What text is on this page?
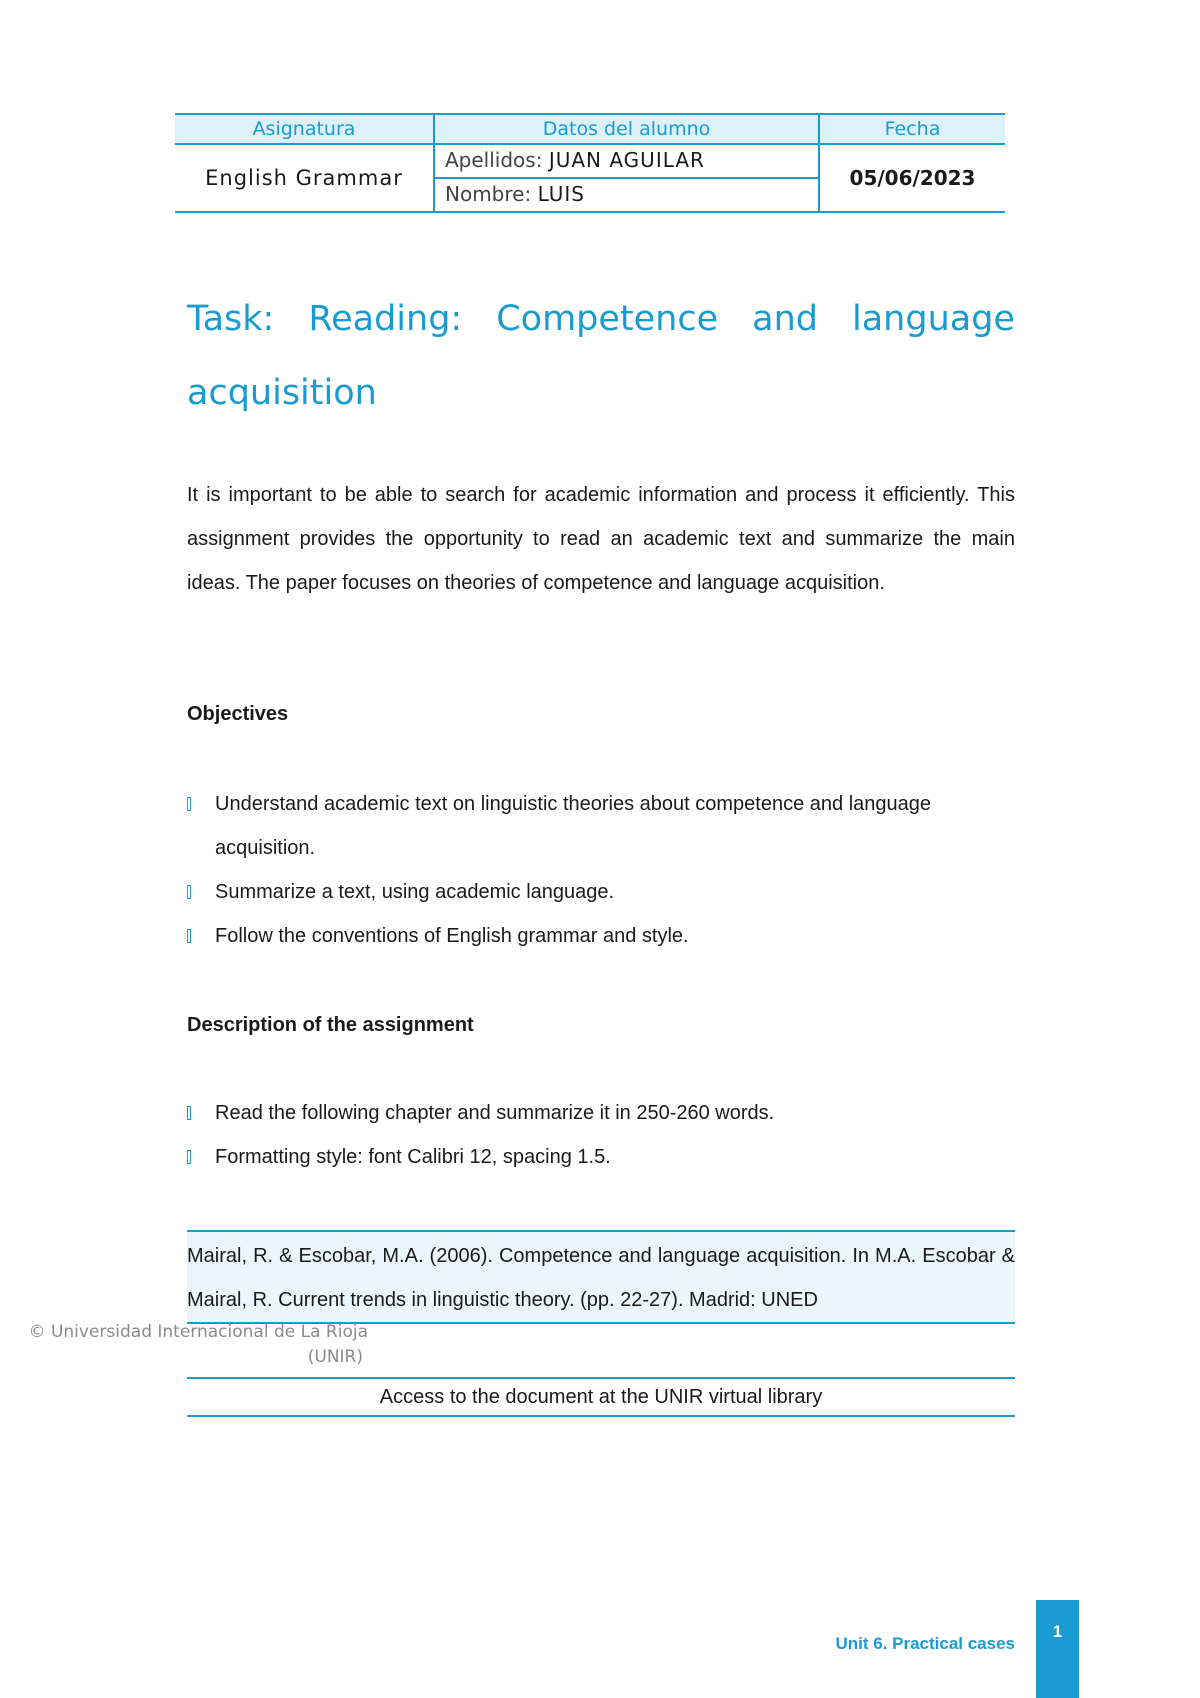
Asignatura
English Grammar
Datos del alumno
Apellidos: JUAN AGUILAR
Nombre: LUIS
Fecha
05/06/2023
Task: Reading: Competence and language
acquisition
It is important to be able to search for academic information and process it efficiently. This assignment provides the opportunity to read an academic text and summarize the main ideas. The paper focuses on theories of competence and language acquisition.
Objectives
Understand academic text on linguistic theories about competence and language acquisition.
Summarize a text, using academic language.
Follow the conventions of English grammar and style.
Description of the assignment
Read the following chapter and summarize it in 250-260 words.
Formatting style: font Calibri 12, spacing 1.5.
Mairal, R. & Escobar, M.A. (2006). Competence and language acquisition. In M.A. Escobar & Mairal, R. Current trends in linguistic theory. (pp. 22-27). Madrid: UNED
© Universidad Internacional de La Rioja
(UNIR)
Access to the document at the UNIR virtual library
Unit 6. Practical cases
1
